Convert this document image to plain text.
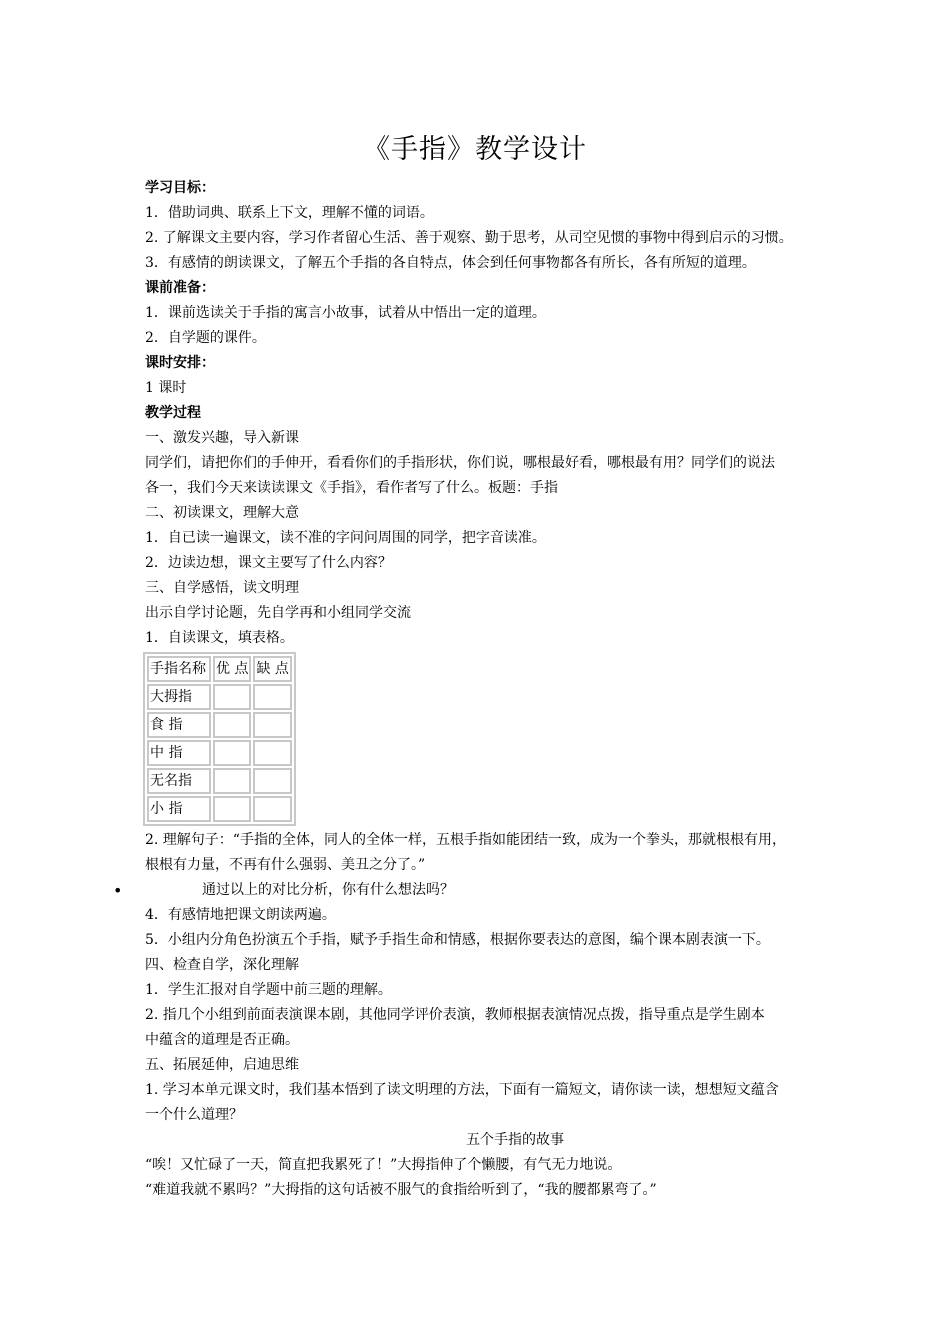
《手指》教学设计
学习目标：
1．借助词典、联系上下文，理解不懂的词语。
2. 了解课文主要内容，学习作者留心生活、善于观察、勤于思考，从司空见惯的事物中得到启示的习惯。
3．有感情的朗读课文，了解五个手指的各自特点，体会到任何事物都各有所长，各有所短的道理。
课前准备：
1．课前选读关于手指的寓言小故事，试着从中悟出一定的道理。
2．自学题的课件。
课时安排：
1 课时
教学过程
一、激发兴趣，导入新课
同学们，请把你们的手伸开，看看你们的手指形状，你们说，哪根最好看，哪根最有用？同学们的说法
各一，我们今天来读读课文《手指》，看作者写了什么。板题：手指
二、初读课文，理解大意
1．自已读一遍课文，读不准的字问问周围的同学，把字音读准。
2．边读边想，课文主要写了什么内容？
三、自学感悟，读文明理
出示自学讨论题，先自学再和小组同学交流
1．自读课文，填表格。
手指名称	优 点	缺 点
大拇指		
食 指		
中 指		
无名指		
小 指		
2. 理解句子：“手指的全体，同人的全体一样，五根手指如能团结一致，成为一个拳头，那就根根有用，
根根有力量，不再有什么强弱、美丑之分了。”
•	通过以上的对比分析，你有什么想法吗？
4．有感情地把课文朗读两遍。
5．小组内分角色扮演五个手指，赋予手指生命和情感，根据你要表达的意图，编个课本剧表演一下。
四、检查自学，深化理解
1．学生汇报对自学题中前三题的理解。
2. 指几个小组到前面表演课本剧，其他同学评价表演，教师根据表演情况点拨，指导重点是学生剧本
中蕴含的道理是否正确。
五、拓展延伸，启迪思维
1. 学习本单元课文时，我们基本悟到了读文明理的方法，下面有一篇短文，请你读一读，想想短文蕴含
一个什么道理？
五个手指的故事
“唉！又忙碌了一天，简直把我累死了！”大拇指伸了个懒腰，有气无力地说。
“难道我就不累吗？”大拇指的这句话被不服气的食指给听到了，“我的腰都累弯了。”
